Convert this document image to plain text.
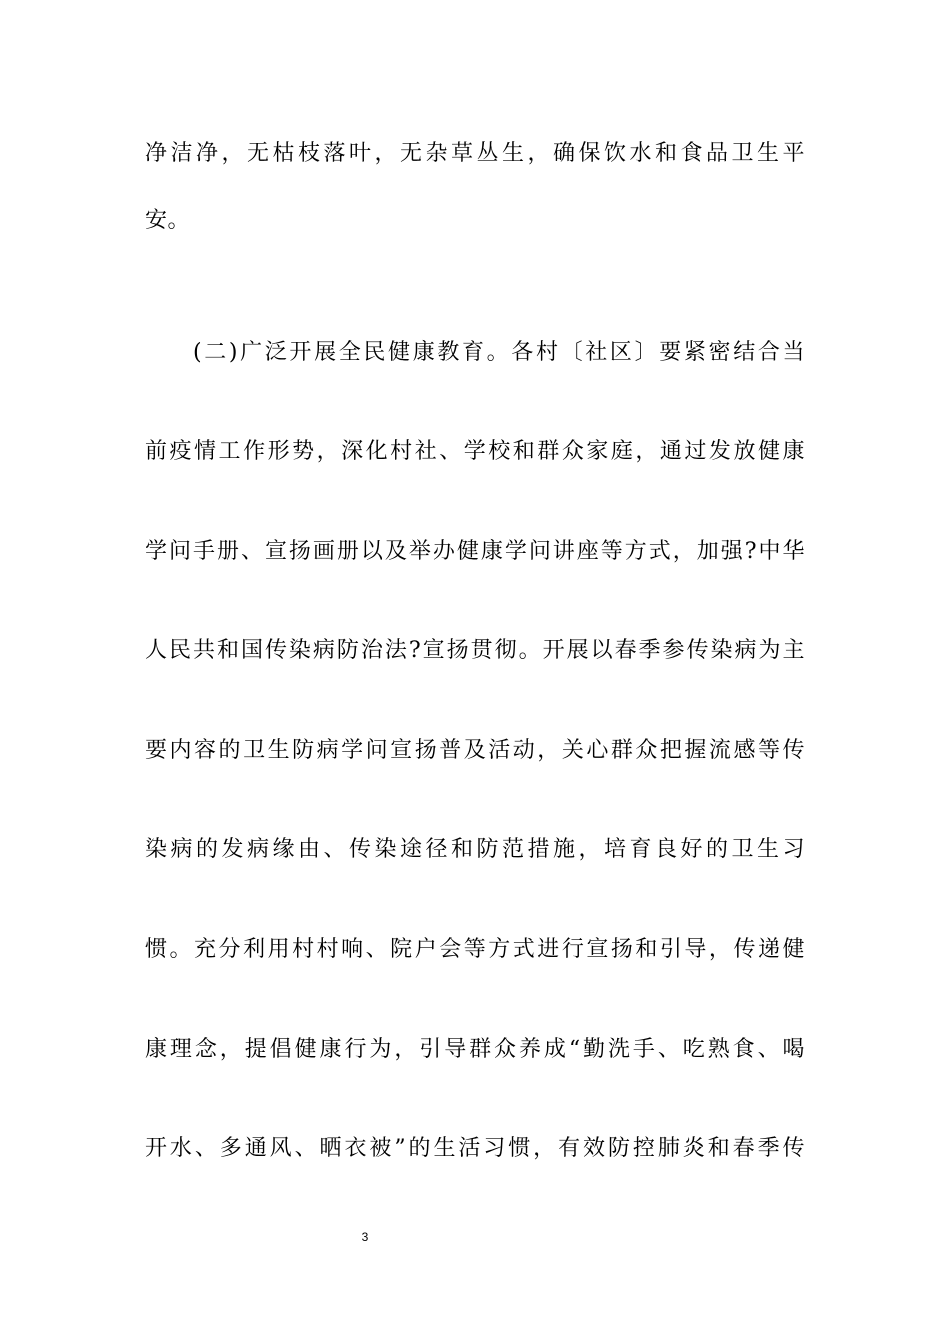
净洁净，无枯枝落叶，无杂草丛生，确保饮水和食品卫生平
安。
(二)广泛开展全民健康教育。各村〔社区〕要紧密结合当
前疫情工作形势，深化村社、学校和群众家庭，通过发放健康
学问手册、宣扬画册以及举办健康学问讲座等方式，加强?中华
人民共和国传染病防治法?宣扬贯彻。开展以春季参传染病为主
要内容的卫生防病学问宣扬普及活动，关心群众把握流感等传
染病的发病缘由、传染途径和防范措施，培育良好的卫生习
惯。充分利用村村响、院户会等方式进行宣扬和引导，传递健
康理念，提倡健康行为，引导群众养成“勤洗手、吃熟食、喝
开水、多通风、晒衣被”的生活习惯，有效防控肺炎和春季传
3
